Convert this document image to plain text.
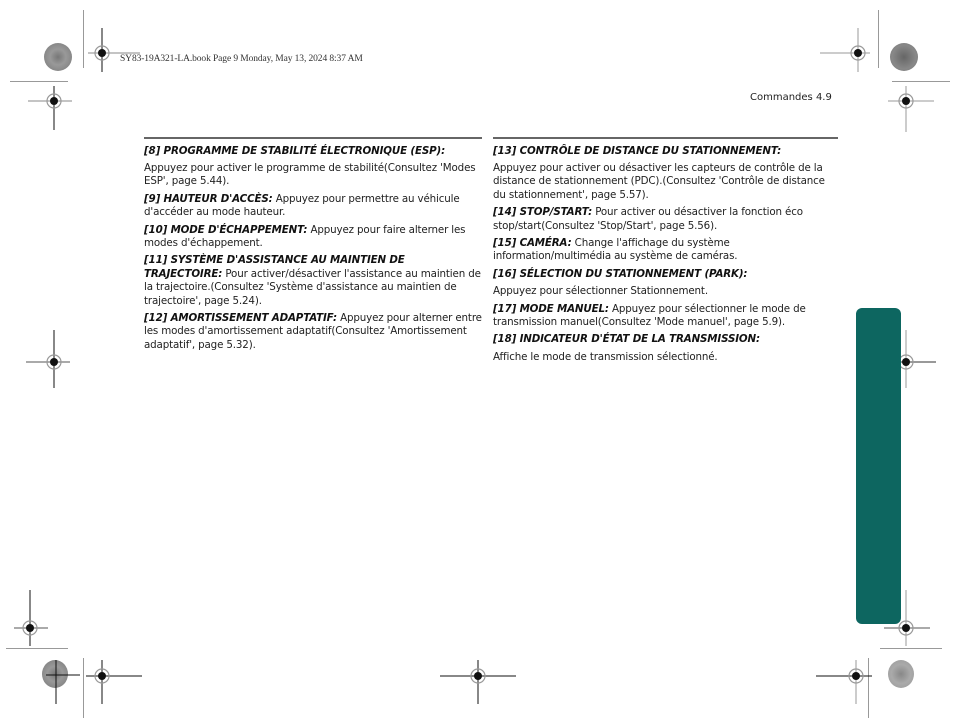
SY83-19A321-LA.book Page 9 Monday, May 13, 2024 8:37 AM
Commandes 4.9

[8] PROGRAMME DE STABILITÉ ÉLECTRONIQUE (ESP):
Appuyez pour activer le programme de stabilité(Consultez 'Modes ESP', page 5.44).

[9] HAUTEUR D'ACCÈS: Appuyez pour permettre au véhicule d'accéder au mode hauteur.

[10] MODE D'ÉCHAPPEMENT: Appuyez pour faire alterner les modes d'échappement.

[11] SYSTÈME D'ASSISTANCE AU MAINTIEN DE TRAJECTOIRE: Pour activer/désactiver l'assistance au maintien de la trajectoire.(Consultez 'Système d'assistance au maintien de trajectoire', page 5.24).

[12] AMORTISSEMENT ADAPTATIF: Appuyez pour alterner entre les modes d'amortissement adaptatif(Consultez 'Amortissement adaptatif', page 5.32).

[13] CONTRÔLE DE DISTANCE DU STATIONNEMENT:
Appuyez pour activer ou désactiver les capteurs de contrôle de la distance de stationnement (PDC).(Consultez 'Contrôle de distance du stationnement', page 5.57).

[14] STOP/START: Pour activer ou désactiver la fonction éco stop/start(Consultez 'Stop/Start', page 5.56).

[15] CAMÉRA: Change l'affichage du système information/multimédia au système de caméras.

[16] SÉLECTION DU STATIONNEMENT (PARK):
Appuyez pour sélectionner Stationnement.

[17] MODE MANUEL: Appuyez pour sélectionner le mode de transmission manuel(Consultez 'Mode manuel', page 5.9).

[18] INDICATEUR D'ÉTAT DE LA TRANSMISSION:
Affiche le mode de transmission sélectionné.
